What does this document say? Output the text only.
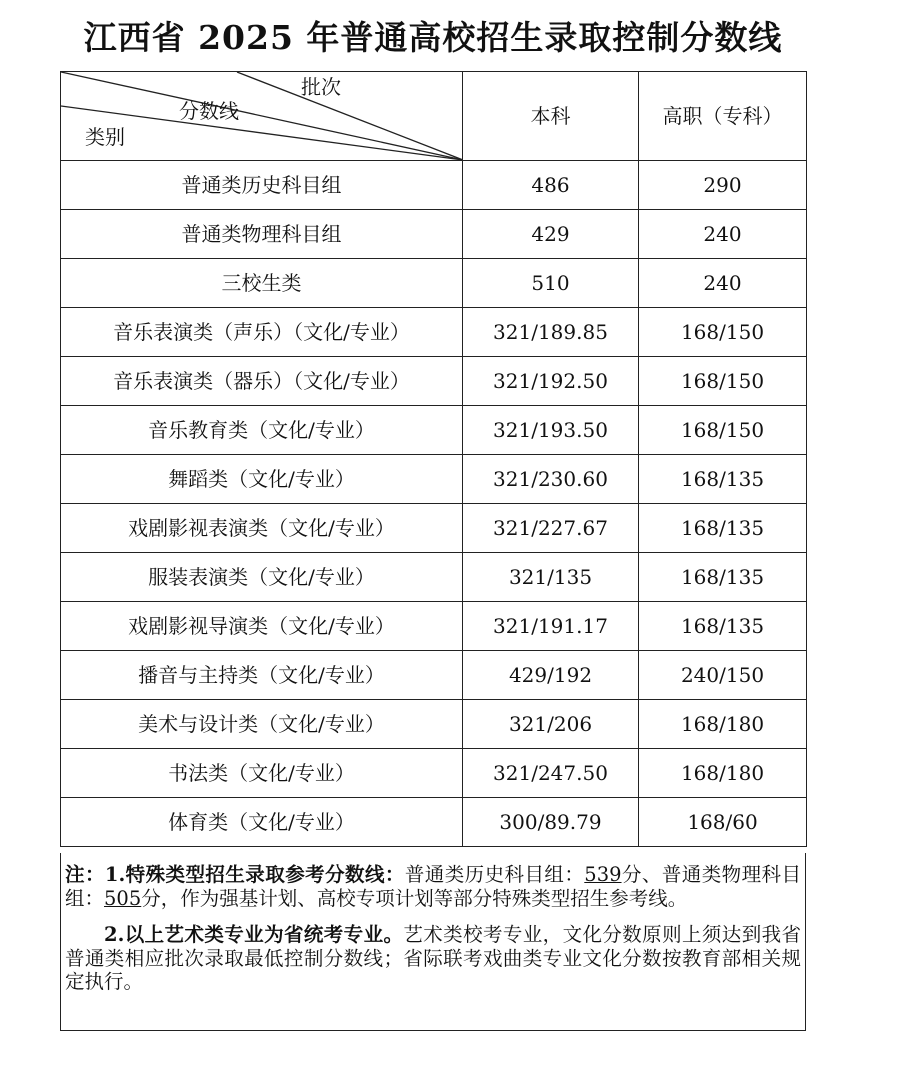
江西省 2025 年普通高校招生录取控制分数线
批次
分数线
类别	本科	高职（专科）
普通类历史科目组	486	290
普通类物理科目组	429	240
三校生类	510	240
音乐表演类（声乐）（文化/专业）	321/189.85	168/150
音乐表演类（器乐）（文化/专业）	321/192.50	168/150
音乐教育类（文化/专业）	321/193.50	168/150
舞蹈类（文化/专业）	321/230.60	168/135
戏剧影视表演类（文化/专业）	321/227.67	168/135
服装表演类（文化/专业）	321/135	168/135
戏剧影视导演类（文化/专业）	321/191.17	168/135
播音与主持类（文化/专业）	429/192	240/150
美术与设计类（文化/专业）	321/206	168/180
书法类（文化/专业）	321/247.50	168/180
体育类（文化/专业）	300/89.79	168/60

注：1.特殊类型招生录取参考分数线：普通类历史科目组：539分、普通类物理科目组：505分，作为强基计划、高校专项计划等部分特殊类型招生参考线。

2.以上艺术类专业为省统考专业。艺术类校考专业，文化分数原则上须达到我省普通类相应批次录取最低控制分数线；省际联考戏曲类专业文化分数按教育部相关规定执行。
